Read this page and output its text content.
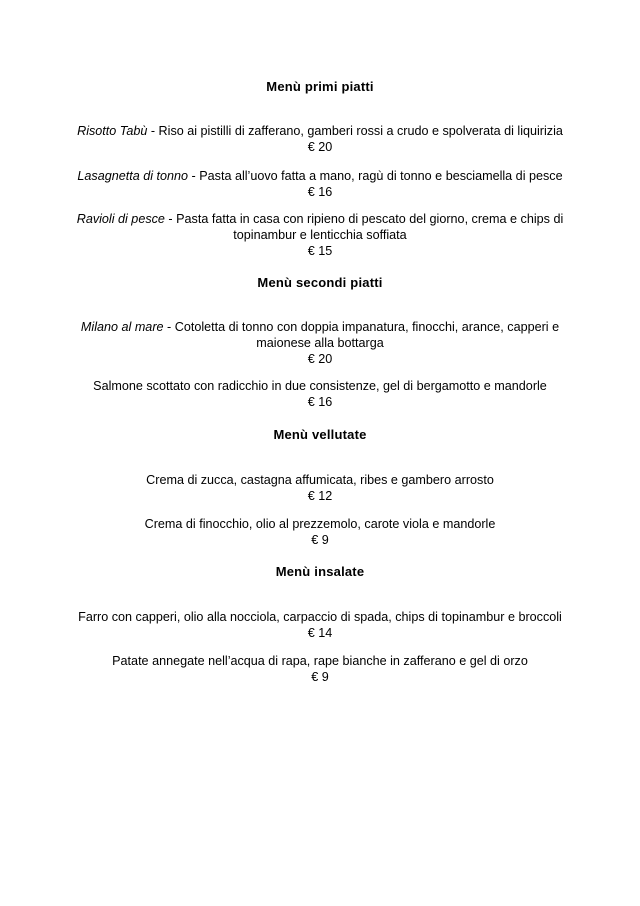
Menù primi piatti
Risotto Tabù - Riso ai pistilli di zafferano, gamberi rossi a crudo e spolverata di liquirizia
€ 20
Lasagnetta di tonno - Pasta all’uovo fatta a mano, ragù di tonno e besciamella di pesce
€ 16
Ravioli di pesce - Pasta fatta in casa con ripieno di pescato del giorno, crema e chips di
topinambur e lenticchia soffiata
€ 15
Menù secondi piatti
Milano al mare - Cotoletta di tonno con doppia impanatura, finocchi, arance, capperi e
maionese alla bottarga
€ 20
Salmone scottato con radicchio in due consistenze, gel di bergamotto e mandorle
€ 16
Menù vellutate
Crema di zucca, castagna affumicata, ribes e gambero arrosto
€ 12
Crema di finocchio, olio al prezzemolo, carote viola e mandorle
€ 9
Menù insalate
Farro con capperi, olio alla nocciola, carpaccio di spada, chips di topinambur e broccoli
€ 14
Patate annegate nell’acqua di rapa, rape bianche in zafferano e gel di orzo
€ 9
